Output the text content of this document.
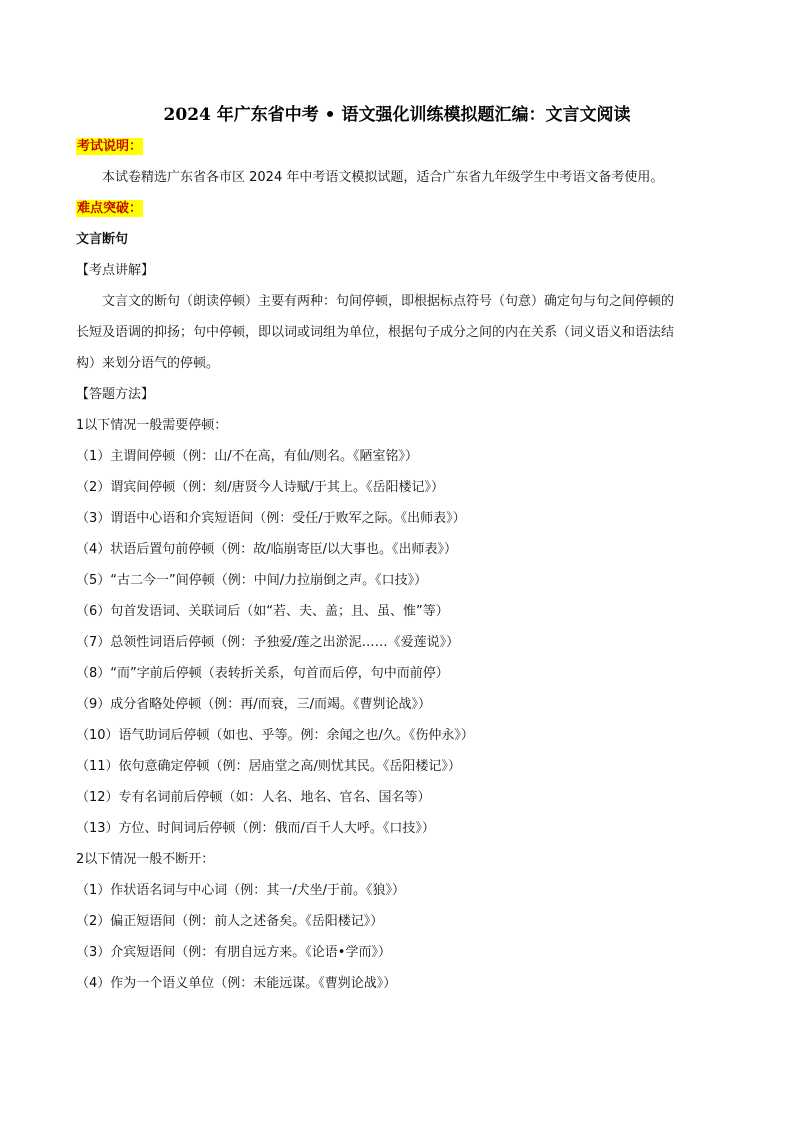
2024 年广东省中考 • 语文强化训练模拟题汇编：文言文阅读
考试说明：
本试卷精选广东省各市区 2024 年中考语文模拟试题，适合广东省九年级学生中考语文备考使用。
难点突破：
文言断句
【考点讲解】
文言文的断句（朗读停顿）主要有两种：句间停顿，即根据标点符号（句意）确定句与句之间停顿的
长短及语调的抑扬；句中停顿，即以词或词组为单位，根据句子成分之间的内在关系（词义语义和语法结
构）来划分语气的停顿。
【答题方法】
1以下情况一般需要停顿：
（1）主谓间停顿（例：山/不在高，有仙/则名。《陋室铭》）
（2）谓宾间停顿（例：刻/唐贤今人诗赋/于其上。《岳阳楼记》）
（3）谓语中心语和介宾短语间（例：受任/于败军之际。《出师表》）
（4）状语后置句前停顿（例：故/临崩寄臣/以大事也。《出师表》）
（5）“古二今一”间停顿（例：中间/力拉崩倒之声。《口技》）
（6）句首发语词、关联词后（如“若、夫、盖；且、虽、惟”等）
（7）总领性词语后停顿（例：予独爱/莲之出淤泥……《爱莲说》）
（8）“而”字前后停顿（表转折关系，句首而后停，句中而前停）
（9）成分省略处停顿（例：再/而衰，三/而竭。《曹刿论战》）
（10）语气助词后停顿（如也、乎等。例：余闻之也/久。《伤仲永》）
（11）依句意确定停顿（例：居庙堂之高/则忧其民。《岳阳楼记》）
（12）专有名词前后停顿（如：人名、地名、官名、国名等）
（13）方位、时间词后停顿（例：俄而/百千人大呼。《口技》）
2以下情况一般不断开：
（1）作状语名词与中心词（例：其一/犬坐/于前。《狼》）
（2）偏正短语间（例：前人之述备矣。《岳阳楼记》）
（3）介宾短语间（例：有朋自远方来。《论语•学而》）
（4）作为一个语义单位（例：未能远谋。《曹刿论战》）
